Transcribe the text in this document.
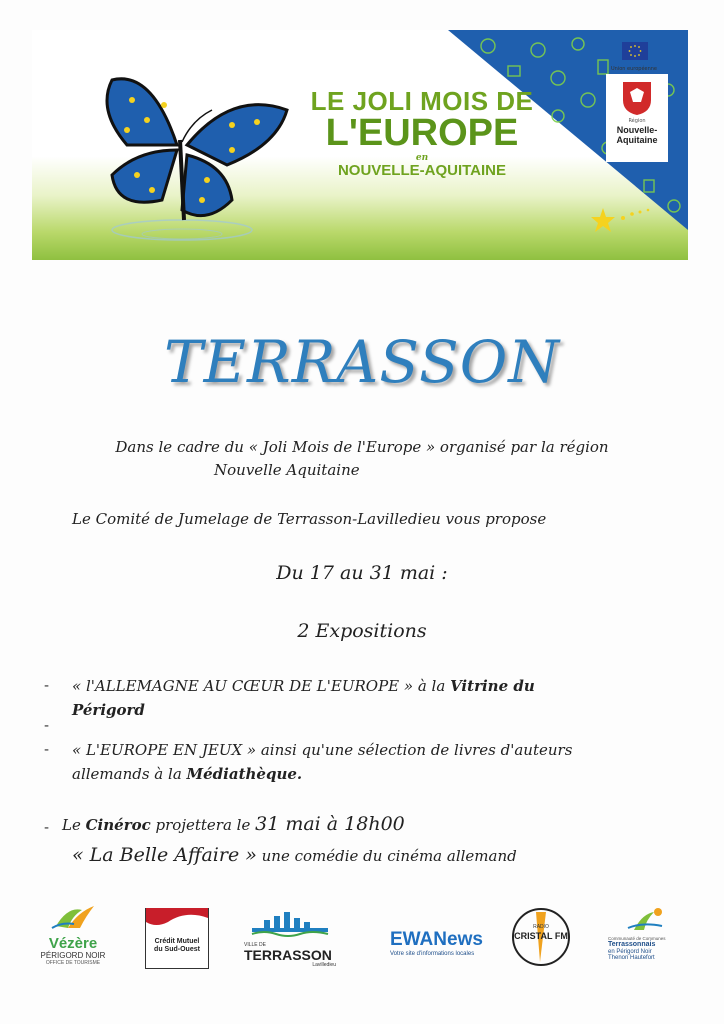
Union européenne
Région
Nouvelle-
Aquitaine
LE JOLI MOIS DE
L'EUROPE
en
NOUVELLE-AQUITAINE
TERRASSON
Dans le cadre du « Joli Mois de l'Europe » organisé par la région
Nouvelle Aquitaine
Le Comité de Jumelage de Terrasson-Lavilledieu vous propose
Du 17 au 31 mai :
2 Expositions
- « l'ALLEMAGNE AU CŒUR DE L'EUROPE » à la Vitrine du
Périgord
-
- « L'EUROPE EN JEUX » ainsi qu'une sélection de livres d'auteurs
allemands à la Médiathèque.
- Le Cinéroc projettera le 31 mai à 18h00
« La Belle Affaire » une comédie du cinéma allemand
Vézère
PÉRIGORD NOIR
OFFICE DE TOURISME
Crédit Mutuel
du Sud-Ouest
VILLE DE
TERRASSON
Lavilledieu
EWANews
Votre site d'informations locales
RADIO
CRISTAL FM	Communauté de Communes
Terrassonnais
en Périgord Noir
Thenon Hautefort
